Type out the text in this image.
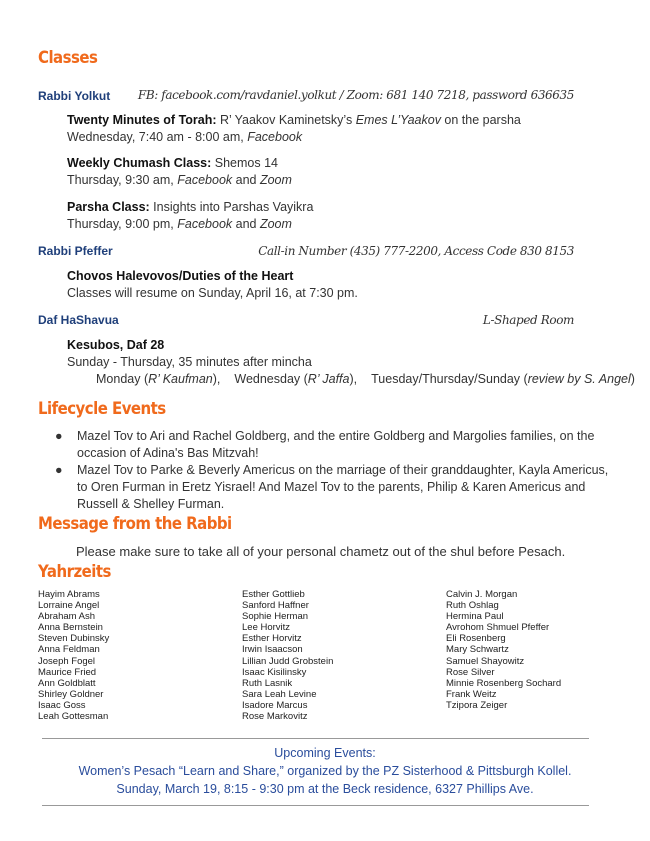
Classes
Rabbi Yolkut FB: facebook.com/ravdaniel.yolkut / Zoom: 681 140 7218, password 636635
Twenty Minutes of Torah: R’ Yaakov Kaminetsky’s Emes L’Yaakov on the parsha
Wednesday, 7:40 am - 8:00 am, Facebook
Weekly Chumash Class: Shemos 14
Thursday, 9:30 am, Facebook and Zoom
Parsha Class: Insights into Parshas Vayikra
Thursday, 9:00 pm, Facebook and Zoom
Rabbi Pfeffer	Call-in Number (435) 777-2200, Access Code 830 8153
Chovos Halevovos/Duties of the Heart
Classes will resume on Sunday, April 16, at 7:30 pm.
Daf HaShavua	L-Shaped Room
Kesubos, Daf 28
Sunday - Thursday, 35 minutes after mincha
Monday (R’ Kaufman), Wednesday (R’ Jaffa), Tuesday/Thursday/Sunday (review by S. Angel)
Lifecycle Events
● Mazel Tov to Ari and Rachel Goldberg, and the entire Goldberg and Margolies families, on the occasion of Adina's Bas Mitzvah!
● Mazel Tov to Parke & Beverly Americus on the marriage of their granddaughter, Kayla Americus, to Oren Furman in Eretz Yisrael! And Mazel Tov to the parents, Philip & Karen Americus and Russell & Shelley Furman.
Message from the Rabbi
Please make sure to take all of your personal chametz out of the shul before Pesach.
Yahrzeits
Hayim Abrams
Lorraine Angel
Abraham Ash
Anna Bernstein
Steven Dubinsky
Anna Feldman
Joseph Fogel
Maurice Fried
Ann Goldblatt
Shirley Goldner
Isaac Goss
Leah Gottesman
Esther Gottlieb
Sanford Haffner
Sophie Herman
Lee Horvitz
Esther Horvitz
Irwin Isaacson
Lillian Judd Grobstein
Isaac Kisilinsky
Ruth Lasnik
Sara Leah Levine
Isadore Marcus
Rose Markovitz
Calvin J. Morgan
Ruth Oshlag
Hermina Paul
Avrohom Shmuel Pfeffer
Eli Rosenberg
Mary Schwartz
Samuel Shayowitz
Rose Silver
Minnie Rosenberg Sochard
Frank Weitz
Tzipora Zeiger
Upcoming Events:
Women’s Pesach “Learn and Share,” organized by the PZ Sisterhood & Pittsburgh Kollel.
Sunday, March 19, 8:15 - 9:30 pm at the Beck residence, 6327 Phillips Ave.
